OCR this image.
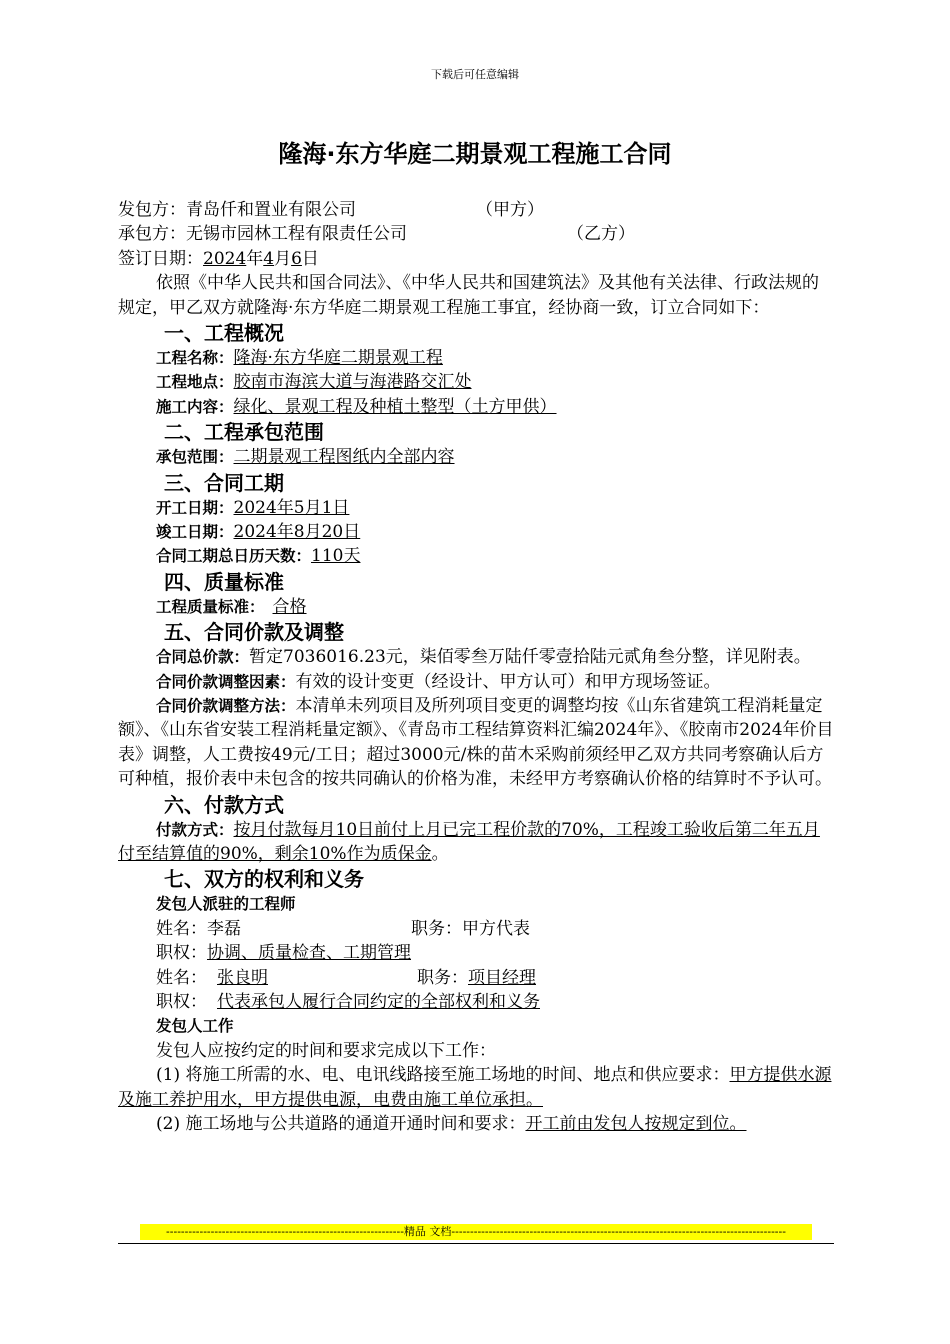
下载后可任意编辑
隆海·东方华庭二期景观工程施工合同
发包方：青岛仟和置业有限公司	（甲方）
承包方：无锡市园林工程有限责任公司	（乙方）
签订日期：2024年4月6日
依照《中华人民共和国合同法》、《中华人民共和国建筑法》及其他有关法律、行政法规的规定，甲乙双方就隆海·东方华庭二期景观工程施工事宜，经协商一致，订立合同如下：
一、工程概况
工程名称：隆海·东方华庭二期景观工程
工程地点：胶南市海滨大道与海港路交汇处
施工内容：绿化、景观工程及种植土整型（土方甲供）
二、工程承包范围
承包范围：二期景观工程图纸内全部内容
三、合同工期
开工日期：2024年5月1日
竣工日期：2024年8月20日
合同工期总日历天数：110天
四、质量标准
工程质量标准： 合格
五、合同价款及调整
合同总价款：暂定7036016.23元，柒佰零叁万陆仟零壹拾陆元贰角叁分整，详见附表。
合同价款调整因素：有效的设计变更（经设计、甲方认可）和甲方现场签证。
合同价款调整方法：本清单未列项目及所列项目变更的调整均按《山东省建筑工程消耗量定额》、《山东省安装工程消耗量定额》、《青岛市工程结算资料汇编2024年》、《胶南市2024年价目表》调整，人工费按49元/工日；超过3000元/株的苗木采购前须经甲乙双方共同考察确认后方可种植，报价表中未包含的按共同确认的价格为准，未经甲方考察确认价格的结算时不予认可。
六、付款方式
付款方式：按月付款每月10日前付上月已完工程价款的70%，工程竣工验收后第二年五月付至结算值的90%，剩余10%作为质保金。
七、双方的权利和义务
发包人派驻的工程师
姓名：李磊	职务：甲方代表
职权：协调、质量检查、工期管理
姓名： 张良明	职务：项目经理
职权： 代表承包人履行合同约定的全部权利和义务
发包人工作
发包人应按约定的时间和要求完成以下工作：
(1) 将施工所需的水、电、电讯线路接至施工场地的时间、地点和供应要求：甲方提供水源及施工养护用水，甲方提供电源，电费由施工单位承担。
(2) 施工场地与公共道路的通道开通时间和要求：开工前由发包人按规定到位。
----------------------------------------------------------------精品 文档------------------------------------------------------------------------------------------
